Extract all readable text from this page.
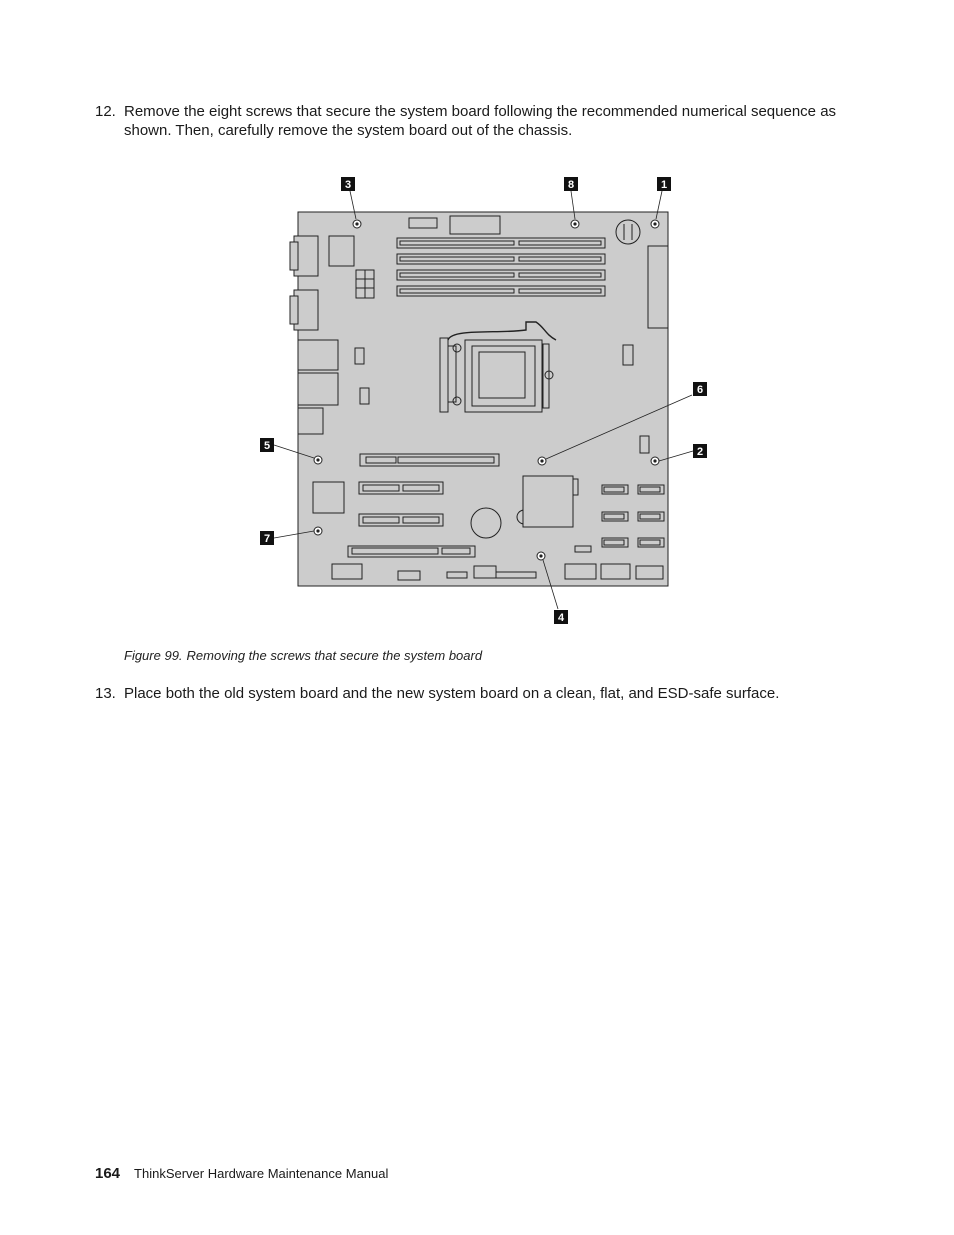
12. Remove the eight screws that secure the system board following the recommended numerical sequence as shown. Then, carefully remove the system board out of the chassis.
1
2
3
4
5
6
7
8
Figure 99. Removing the screws that secure the system board
13. Place both the old system board and the new system board on a clean, flat, and ESD-safe surface.
164 ThinkServer Hardware Maintenance Manual
